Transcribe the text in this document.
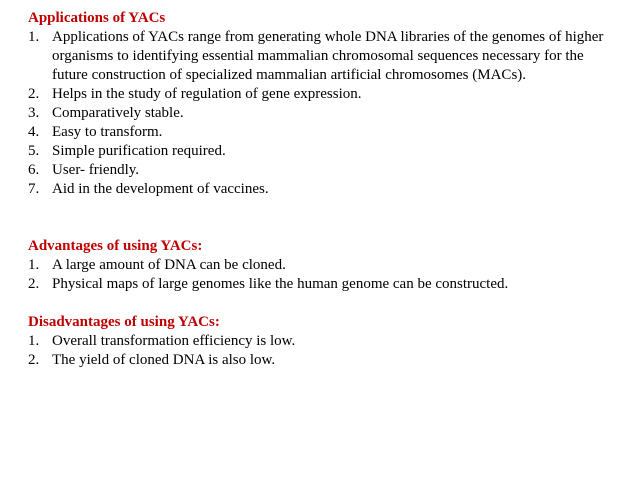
Applications of YACs

1. Applications of YACs range from generating whole DNA libraries of the genomes of higher organisms to identifying essential mammalian chromosomal sequences necessary for the future construction of specialized mammalian artificial chromosomes (MACs).
2. Helps in the study of regulation of gene expression.
3. Comparatively stable.
4. Easy to transform.
5. Simple purification required.
6. User- friendly.
7. Aid in the development of vaccines.

Advantages of using YACs:

1. A large amount of DNA can be cloned.
2. Physical maps of large genomes like the human genome can be constructed.

Disadvantages of using YACs:

1. Overall transformation efficiency is low.
2. The yield of cloned DNA is also low.
